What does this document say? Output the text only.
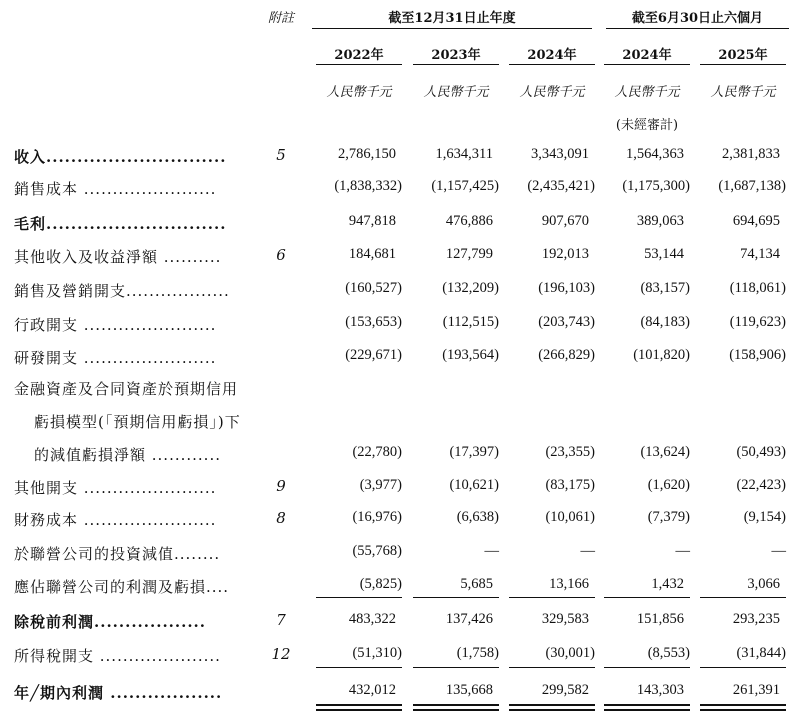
附註	截至12月31日止年度	截至6月30日止六個月
2022年	2023年	2024年	2024年	2025年
人民幣千元	人民幣千元	人民幣千元	人民幣千元	人民幣千元
(未經審計)
收入.............................	5	2,786,150	1,634,311	3,343,091	1,564,363	2,381,833
銷售成本 .......................	(1,838,332)	(1,157,425)	(2,435,421)	(1,175,300)	(1,687,138)
毛利.............................	947,818	476,886	907,670	389,063	694,695
其他收入及收益淨額 ..........	6	184,681	127,799	192,013	53,144	74,134
銷售及營銷開支..................	(160,527)	(132,209)	(196,103)	(83,157)	(118,061)
行政開支 .......................	(153,653)	(112,515)	(203,743)	(84,183)	(119,623)
研發開支 .......................	(229,671)	(193,564)	(266,829)	(101,820)	(158,906)
金融資產及合同資產於預期信用
虧損模型(「預期信用虧損」)下
的減值虧損淨額 ............	(22,780)	(17,397)	(23,355)	(13,624)	(50,493)
其他開支 .......................	9	(3,977)	(10,621)	(83,175)	(1,620)	(22,423)
財務成本 .......................	8	(16,976)	(6,638)	(10,061)	(7,379)	(9,154)
於聯營公司的投資減值........	(55,768)	—	—	—	—
應佔聯營公司的利潤及虧損....	(5,825)	5,685	13,166	1,432	3,066
除稅前利潤..................	7	483,322	137,426	329,583	151,856	293,235
所得稅開支 .....................	12	(51,310)	(1,758)	(30,001)	(8,553)	(31,844)
年╱期內利潤 ..................	432,012	135,668	299,582	143,303	261,391
